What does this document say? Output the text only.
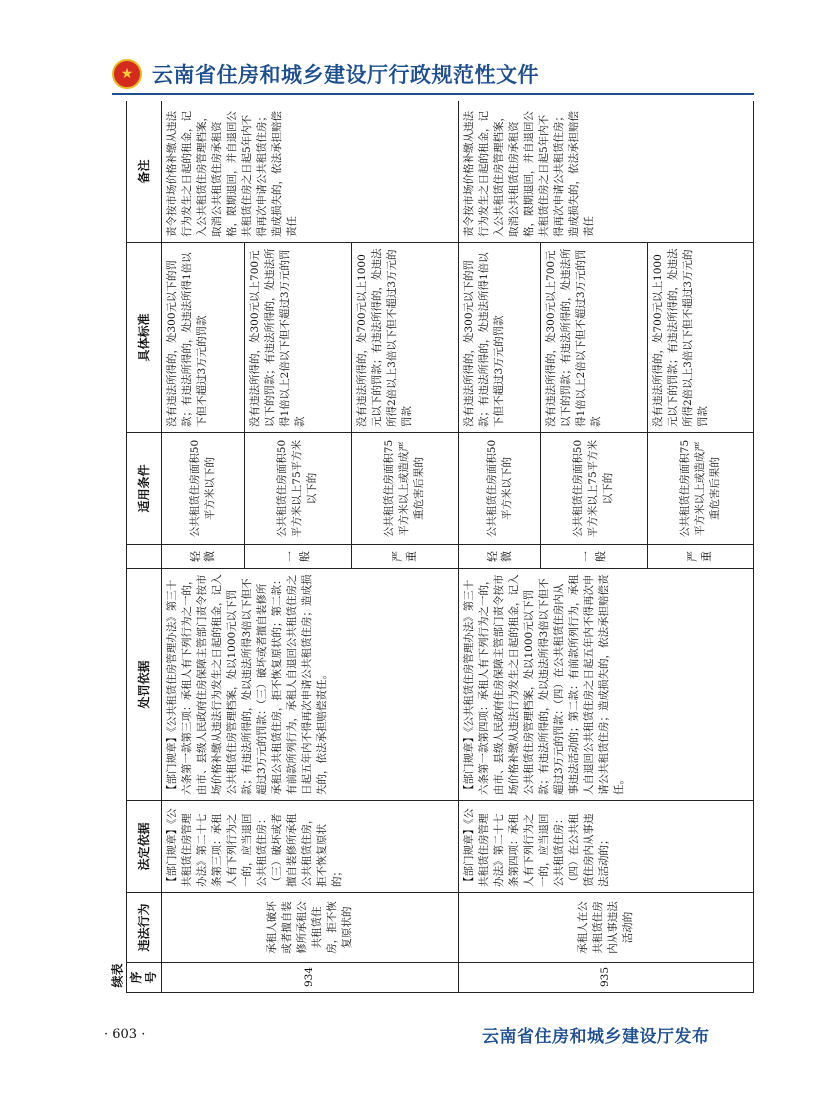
★ 云南省住房和城乡建设厅行政规范性文件
续表 序号	违法行为	法定依据	处罚依据		适用条件	具体标准	备注
934	承租人破坏或者擅自装修所承租公共租赁住房，拒不恢复原状的	【部门规章】《公共租赁住房管理办法》第二十七条第三项：承租人有下列行为之一的，应当退回公共租赁住房：（三）破坏或者擅自装修所承租公共租赁住房，拒不恢复原状的；	【部门规章】《公共租赁住房管理办法》第三十六条第一款第三项：承租人有下列行为之一的，由市、县级人民政府住房保障主管部门责令按市场价格补缴从违法行为发生之日起的租金，记入公共租赁住房管理档案，处以1000元以下罚款；有违法所得的，处以违法所得3倍以下但不超过3万元的罚款：（三）破坏或者擅自装修所承租公共租赁住房，拒不恢复原状的；第二款：有前款所列行为，承租人自退回公共租赁住房之日起五年内不得再次申请公共租赁住房；造成损失的，依法承担赔偿责任。	轻微	公共租赁住房面积50平方米以下的	没有违法所得的，处300元以下的罚款；有违法所得的，处违法所得1倍以下但不超过3万元的罚款	责令按市场价格补缴从违法行为发生之日起的租金，记入公共租赁住房管理档案，取消公共租赁住房承租资格，限期退回，并自退回公共租赁住房之日起5年内不得再次申请公共租赁住房；造成损失的，依法承担赔偿责任
				一般	公共租赁住房面积50平方米以上75平方米以下的	没有违法所得的，处300元以上700元以下的罚款；有违法所得的，处违法所得1倍以上2倍以下但不超过3万元的罚款	
				严重	公共租赁住房面积75平方米以上或造成严重危害后果的	没有违法所得的，处700元以上1000元以下的罚款；有违法所得的，处违法所得2倍以上3倍以下但不超过3万元的罚款	
935	承租人在公共租赁住房内从事违法活动的	【部门规章】《公共租赁住房管理办法》第二十七条第四项：承租人有下列行为之一的，应当退回公共租赁住房：（四）在公共租赁住房内从事违法活动的；	【部门规章】《公共租赁住房管理办法》第三十六条第一款第四项：承租人有下列行为之一的，由市、县级人民政府住房保障主管部门责令按市场价格补缴从违法行为发生之日起的租金，记入公共租赁住房管理档案，处以1000元以下罚款；有违法所得的，处以违法所得3倍以下但不超过3万元的罚款：（四）在公共租赁住房内从事违法活动的；第二款：有前款所列行为，承租人自退回公共租赁住房之日起五年内不得再次申请公共租赁住房；造成损失的，依法承担赔偿责任。	轻微	公共租赁住房面积50平方米以下的	没有违法所得的，处300元以下的罚款；有违法所得的，处违法所得1倍以下但不超过3万元的罚款	责令按市场价格补缴从违法行为发生之日起的租金，记入公共租赁住房管理档案，取消公共租赁住房承租资格，限期退回，并自退回公共租赁住房之日起5年内不得再次申请公共租赁住房；造成损失的，依法承担赔偿责任
				一般	公共租赁住房面积50平方米以上75平方米以下的	没有违法所得的，处300元以上700元以下的罚款；有违法所得的，处违法所得1倍以上2倍以下但不超过3万元的罚款	
				严重	公共租赁住房面积75平方米以上或造成严重危害后果的	没有违法所得的，处700元以上1000元以下的罚款；有违法所得的，处违法所得2倍以上3倍以下但不超过3万元的罚款	
· 603 ·	云南省住房和城乡建设厅发布
